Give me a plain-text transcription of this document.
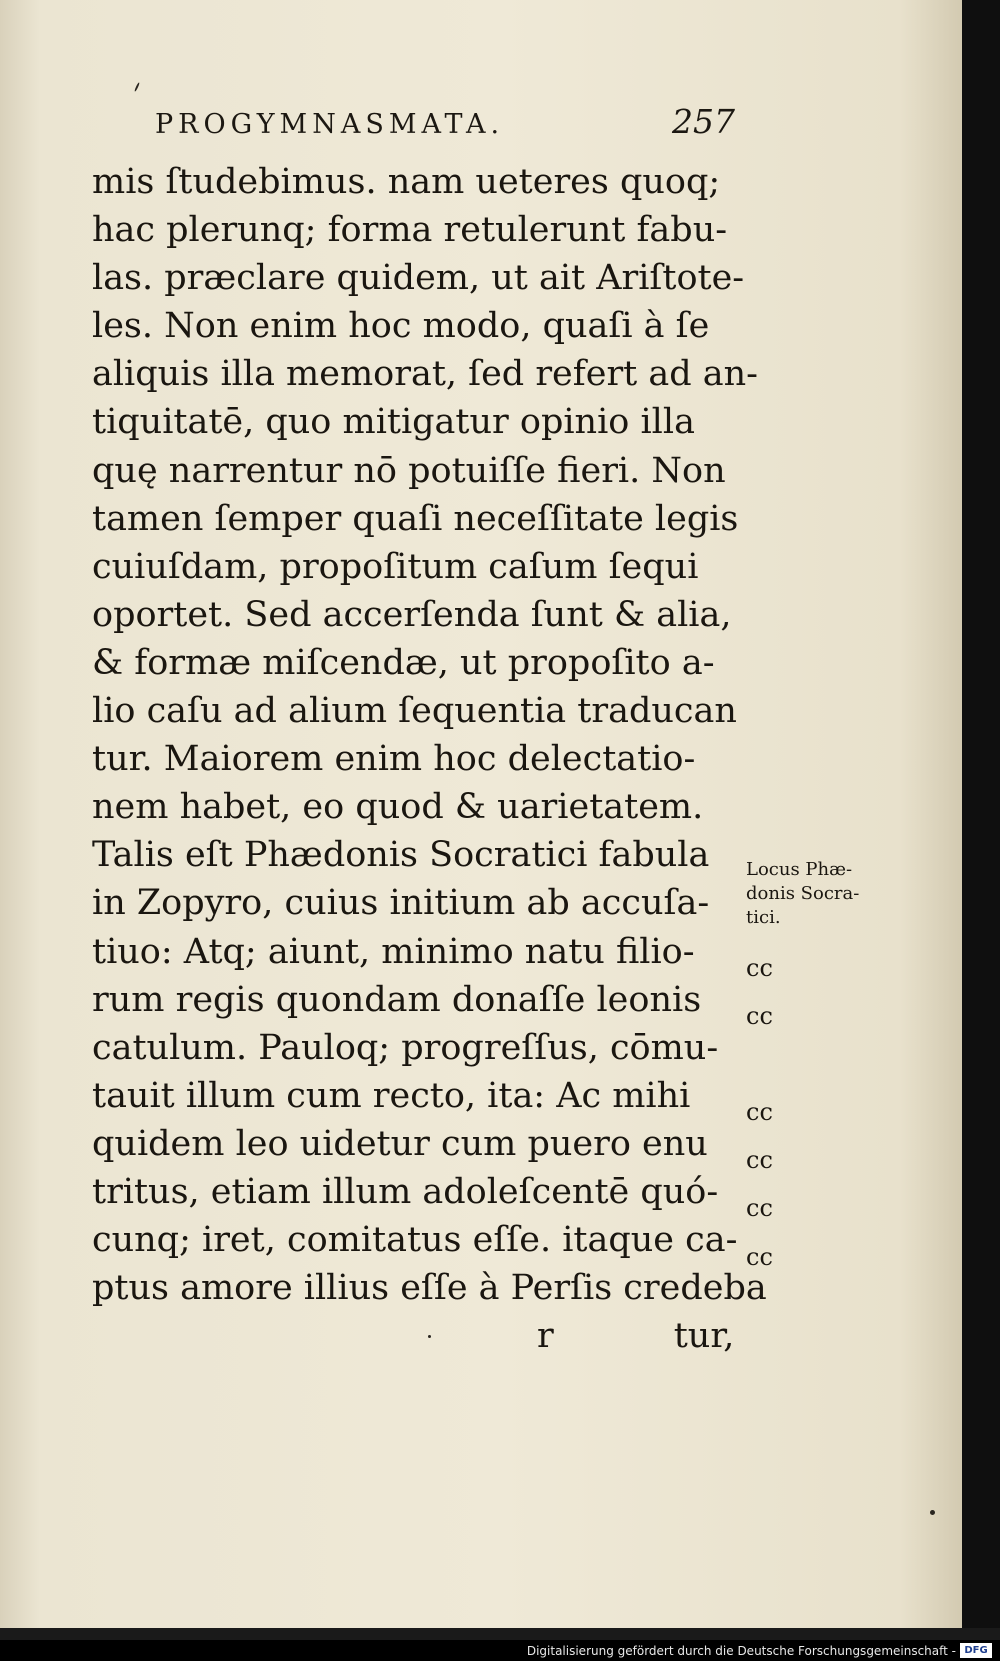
PROGYMNASMATA.	257
mis ſtudebimus. nam ueteres quoq;
hac plerunq; forma retulerunt fabu-
las. præclare quidem, ut ait Ariſtote-
les. Non enim hoc modo, quaſi à ſe
aliquis illa memorat, ſed refert ad an-
tiquitatē, quo mitigatur opinio illa
quę narrentur nō potuiſſe fieri. Non
tamen ſemper quaſi neceſſitate legis
cuiuſdam, propoſitum caſum ſequi
oportet. Sed accerſenda ſunt & alia,
& formæ miſcendæ, ut propoſito a-
lio caſu ad alium ſequentia traducan
tur. Maiorem enim hoc delectatio-
nem habet, eo quod & uarietatem.
Talis eſt Phædonis Socratici fabula
in Zopyro, cuius initium ab accuſa-
tiuo: Atq; aiunt, minimo natu filio-
rum regis quondam donaſſe leonis
catulum. Pauloq; progreſſus, cōmu-
tauit illum cum recto, ita: Ac mihi
quidem leo uidetur cum puero enu
tritus, etiam illum adoleſcentē quó-
cunq; iret, comitatus eſſe. itaque ca-
ptus amore illius eſſe à Perſis credeba
r	tur,
Locus Phæ-
donis Socra-
tici.
cc
cc
cc
cc
cc
cc
Digitalisierung gefördert durch die Deutsche Forschungsgemeinschaft - DFG
